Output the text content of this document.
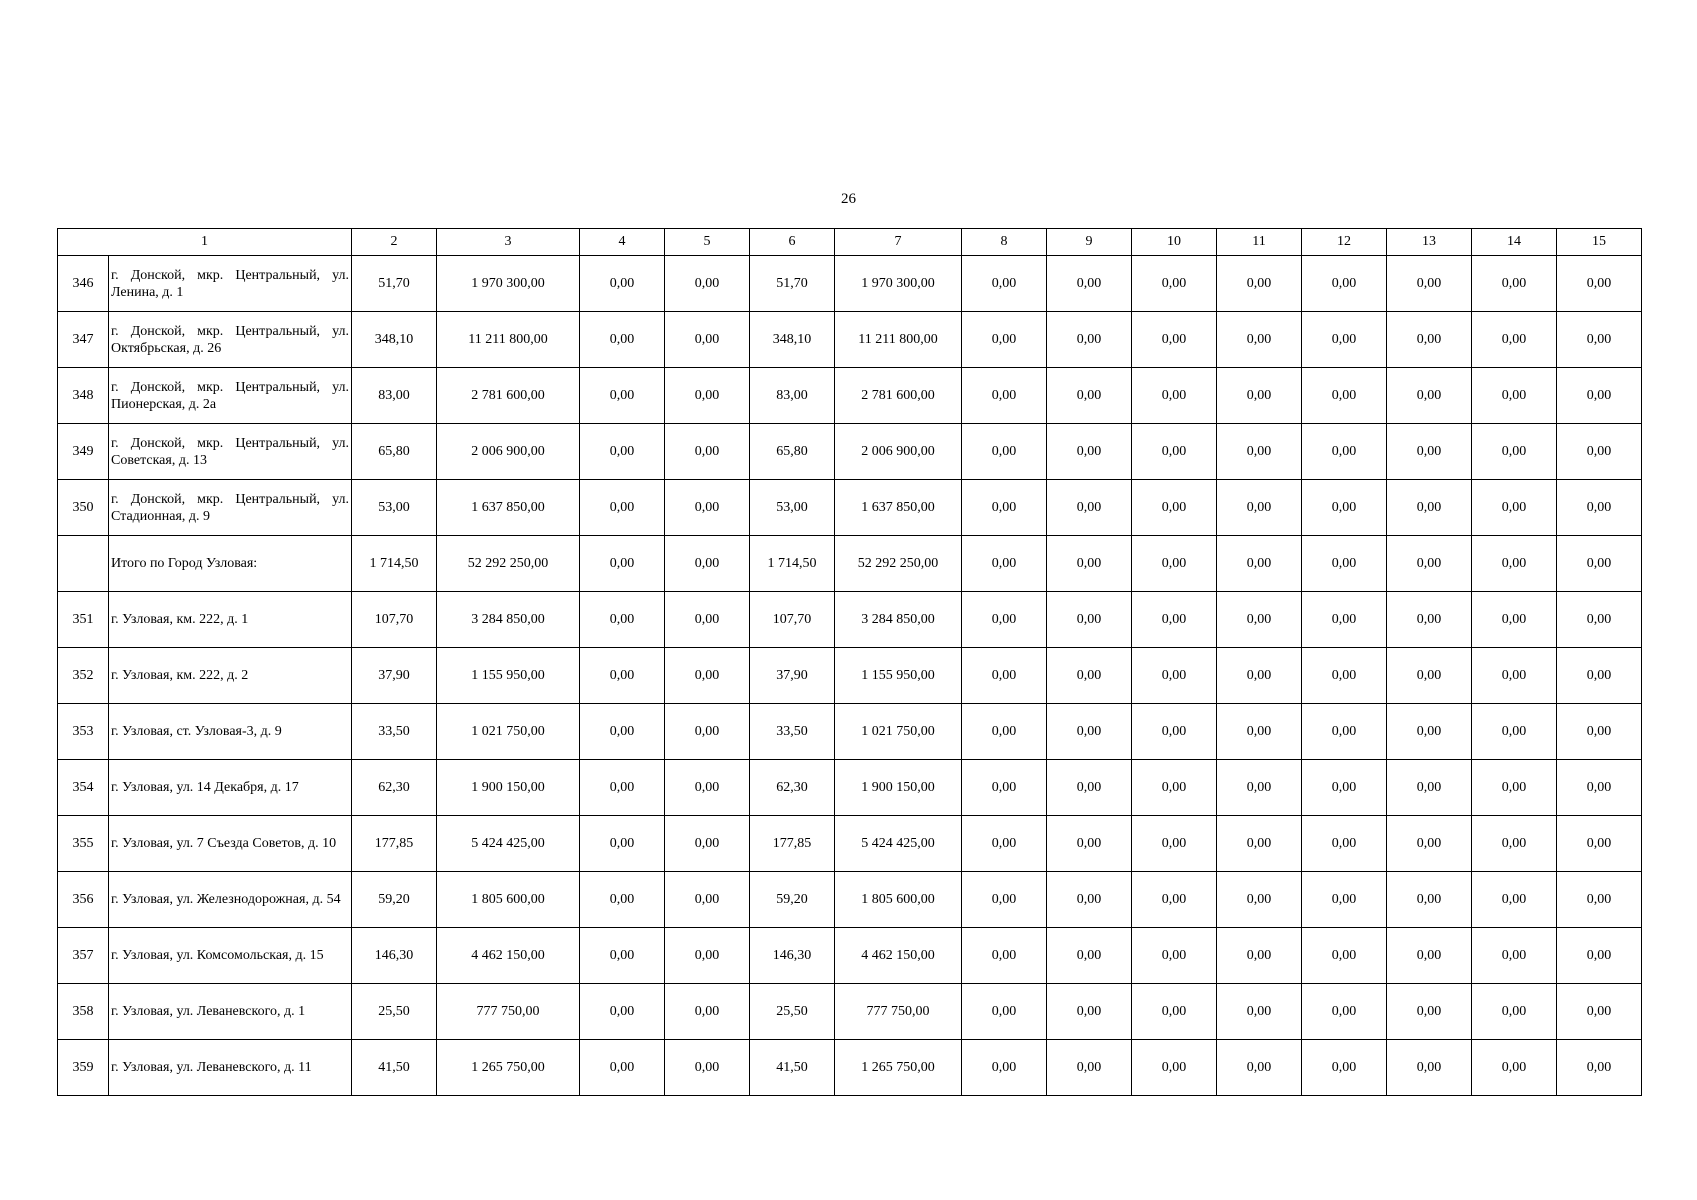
26
1		2	3	4	5	6	7	8	9	10	11	12	13	14	15
346	г. Донской, мкр. Центральный, ул. Ленина, д. 1	51,70	1 970 300,00	0,00	0,00	51,70	1 970 300,00	0,00	0,00	0,00	0,00	0,00	0,00	0,00	0,00
347	г. Донской, мкр. Центральный, ул. Октябрьская, д. 26	348,10	11 211 800,00	0,00	0,00	348,10	11 211 800,00	0,00	0,00	0,00	0,00	0,00	0,00	0,00	0,00
348	г. Донской, мкр. Центральный, ул. Пионерская, д. 2а	83,00	2 781 600,00	0,00	0,00	83,00	2 781 600,00	0,00	0,00	0,00	0,00	0,00	0,00	0,00	0,00
349	г. Донской, мкр. Центральный, ул. Советская, д. 13	65,80	2 006 900,00	0,00	0,00	65,80	2 006 900,00	0,00	0,00	0,00	0,00	0,00	0,00	0,00	0,00
350	г. Донской, мкр. Центральный, ул. Стадионная, д. 9	53,00	1 637 850,00	0,00	0,00	53,00	1 637 850,00	0,00	0,00	0,00	0,00	0,00	0,00	0,00	0,00
	Итого по Город Узловая:	1 714,50	52 292 250,00	0,00	0,00	1 714,50	52 292 250,00	0,00	0,00	0,00	0,00	0,00	0,00	0,00	0,00
351	г. Узловая, км. 222, д. 1	107,70	3 284 850,00	0,00	0,00	107,70	3 284 850,00	0,00	0,00	0,00	0,00	0,00	0,00	0,00	0,00
352	г. Узловая, км. 222, д. 2	37,90	1 155 950,00	0,00	0,00	37,90	1 155 950,00	0,00	0,00	0,00	0,00	0,00	0,00	0,00	0,00
353	г. Узловая, ст. Узловая-3, д. 9	33,50	1 021 750,00	0,00	0,00	33,50	1 021 750,00	0,00	0,00	0,00	0,00	0,00	0,00	0,00	0,00
354	г. Узловая, ул. 14 Декабря, д. 17	62,30	1 900 150,00	0,00	0,00	62,30	1 900 150,00	0,00	0,00	0,00	0,00	0,00	0,00	0,00	0,00
355	г. Узловая, ул. 7 Съезда Советов, д. 10	177,85	5 424 425,00	0,00	0,00	177,85	5 424 425,00	0,00	0,00	0,00	0,00	0,00	0,00	0,00	0,00
356	г. Узловая, ул. Железнодорожная, д. 54	59,20	1 805 600,00	0,00	0,00	59,20	1 805 600,00	0,00	0,00	0,00	0,00	0,00	0,00	0,00	0,00
357	г. Узловая, ул. Комсомольская, д. 15	146,30	4 462 150,00	0,00	0,00	146,30	4 462 150,00	0,00	0,00	0,00	0,00	0,00	0,00	0,00	0,00
358	г. Узловая, ул. Леваневского, д. 1	25,50	777 750,00	0,00	0,00	25,50	777 750,00	0,00	0,00	0,00	0,00	0,00	0,00	0,00	0,00
359	г. Узловая, ул. Леваневского, д. 11	41,50	1 265 750,00	0,00	0,00	41,50	1 265 750,00	0,00	0,00	0,00	0,00	0,00	0,00	0,00	0,00
